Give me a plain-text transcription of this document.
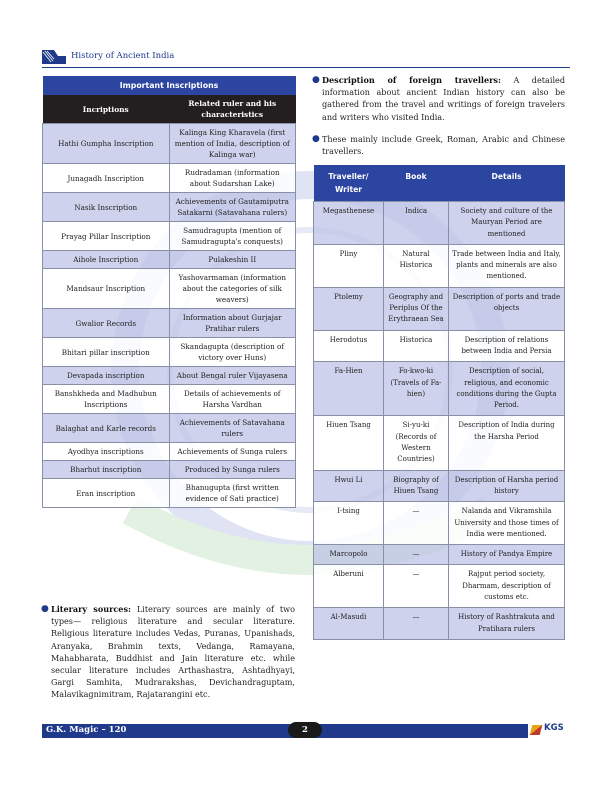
History of Ancient India
Important Inscriptions	
Incriptions	Related ruler and his characteristics
Hathi Gumpha Inscription	Kalinga King Kharavela (first mention of India, description of Kalinga war)
Junagadh Inscription	Rudradaman (information about Sudarshan Lake)
Nasik Inscription	Achievements of Gautamiputra Satakarni (Satavahana rulers)
Prayag Pillar Inscription	Samudragupta (mention of Samudragupta's conquests)
Aihole Inscription	Pulakeshin II
Mandsaur Inscription	Yashovarmaman (information about the categories of silk weavers)
Gwalior Records	Information about Gurjajar Pratihar rulers
Bhitari pillar inscription	Skandagupta (description of victory over Huns)
Devapada inscription	About Bengal ruler Vijayasena
Banshkheda and Madhubun Inscriptions	Details of achievements of Harsha Vardhan
Balaghat and Karle records	Achievements of Satavahana rulers
Ayodhya inscriptions	Achievements of Sunga rulers
Bharhut inscription	Produced by Sunga rulers
Eran inscription	Bhanugupta (first written evidence of Sati practice)
● Literary sources: Literary sources are mainly of two types— religious literature and secular literature. Religious literature includes Vedas, Puranas, Upanishads, Aranyaka, Brahmin texts, Vedanga, Ramayana, Mahabharata, Buddhist and Jain literature etc. while secular literature includes Arthashastra, Ashtadhyayi, Gargi Samhita, Mudrarakshas, Devichandraguptam, Malavikagnimitram, Rajatarangini etc.
● Description of foreign travellers: A detailed information about ancient Indian history can also be gathered from the travel and writings of foreign travelers and writers who visited India.
● These mainly include Greek, Roman, Arabic and Chinese travellers.
Traveller/ Writer	Book	Details
Megasthenese	Indica	Society and culture of the Mauryan Period are mentioned
Pliny	Natural Historica	Trade between India and Italy, plants and minerals are also mentioned.
Ptolemy	Geography and Periplus Of the Erythraean Sea	Description of ports and trade objects
Herodotus	Historica	Description of relations between India and Persia
Fa-Hien	Fo-kwo-ki (Travels of Fa-hien)	Description of social, religious, and economic conditions during the Gupta Period.
Hiuen Tsang	Si-yu-ki (Records of Western Countries)	Description of India during the Harsha Period
Hwui Li	Biography of Hiuen Tsang	Description of Harsha period history
I-tsing	—	Nalanda and Vikramshila University and those times of India were mentioned.
Marcopolo	—	History of Pandya Empire
Alberuni	—	Rajput period society, Dharmam, description of customs etc.
Al-Masudi	—	History of Rashtrakuta and Pratihara rulers
G.K. Magic – 120	2	KGS
